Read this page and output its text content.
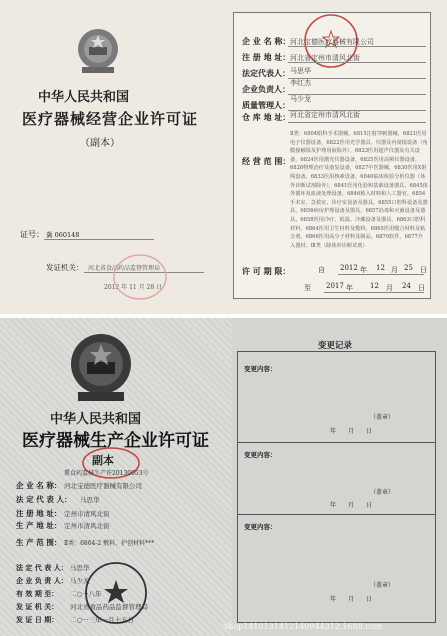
中华人民共和国
医疗器械经营企业许可证
（副本）
证号： 冀 060148
发证机关： 河北省食品药品监督管理局
2012 年 11 月 28 日
企 业 名 称： 河北宝德医疗器械有限公司
注 册 地 址： 河北省定州市清风北街
法定代表人： 马思华
企业负责人：
李红杰
质量管理人：
马少龙
仓 库 地 址： 河北省定州市清风北街
经 营 范 围：
Ⅱ类：6804眼科手术器械，6815注射穿刺器械，6821医用电子仪器设备，6822医用光学器具、仪器及内窥镜设备（角膜接触镜及护理用液除外），6823医用超声仪器及有关设备，6824医用激光仪器设备，6825医用高频仪器设备，6826物理治疗及康复设备，6827中医器械，6830医用X射线设备，6833医用核素设备，6840临床检验分析仪器（体外诊断试剂除外），6841医用化验和基础设备器具，6845体外循环及血液处理设备，6846植入材料和人工器官，6854手术室、急救室、诊疗室设备及器具，6855口腔科设备及器具，6856病房护理设备及器具，6857消毒和灭菌设备及器具，6858医用冷疗、低温、冷藏设备及器具，6863口腔科材料，6864医用卫生材料及敷料，6865医用缝合材料及粘合剂，6866医用高分子材料及制品，6870软件，6877介入器材。Ⅲ类（除体外诊断试剂）
许 可 期 限：	自 2012 年 12 月 25 日
至 2017 年 12 月 24 日
中华人民共和国
医疗器械生产企业许可证
副本
冀食药监械生产许20130053号
企 业 名 称： 河北宝德医疗器械有限公司
法 定 代 表 人： 马思华
注 册 地 址： 定州市清风北街
生 产 地 址： 定州市清风北街
生 产 范 围： Ⅱ类：6864-2 敷料、护创材料***
法 定 代 表 人： 马思华
企 业 负 责 人： 马少龙
有 效 期 至： 二○一八年
发 证 机 关： 河北省食品药品监督管理局
发 证 日 期： 二○一三年一月十五日
变更记录
变更内容：
（盖章）
年　　月　　日
变更内容：
（盖章）
年　　月　　日
变更内容：
（盖章）
年　　月　　日
shop1410131412140944312.1688.com
